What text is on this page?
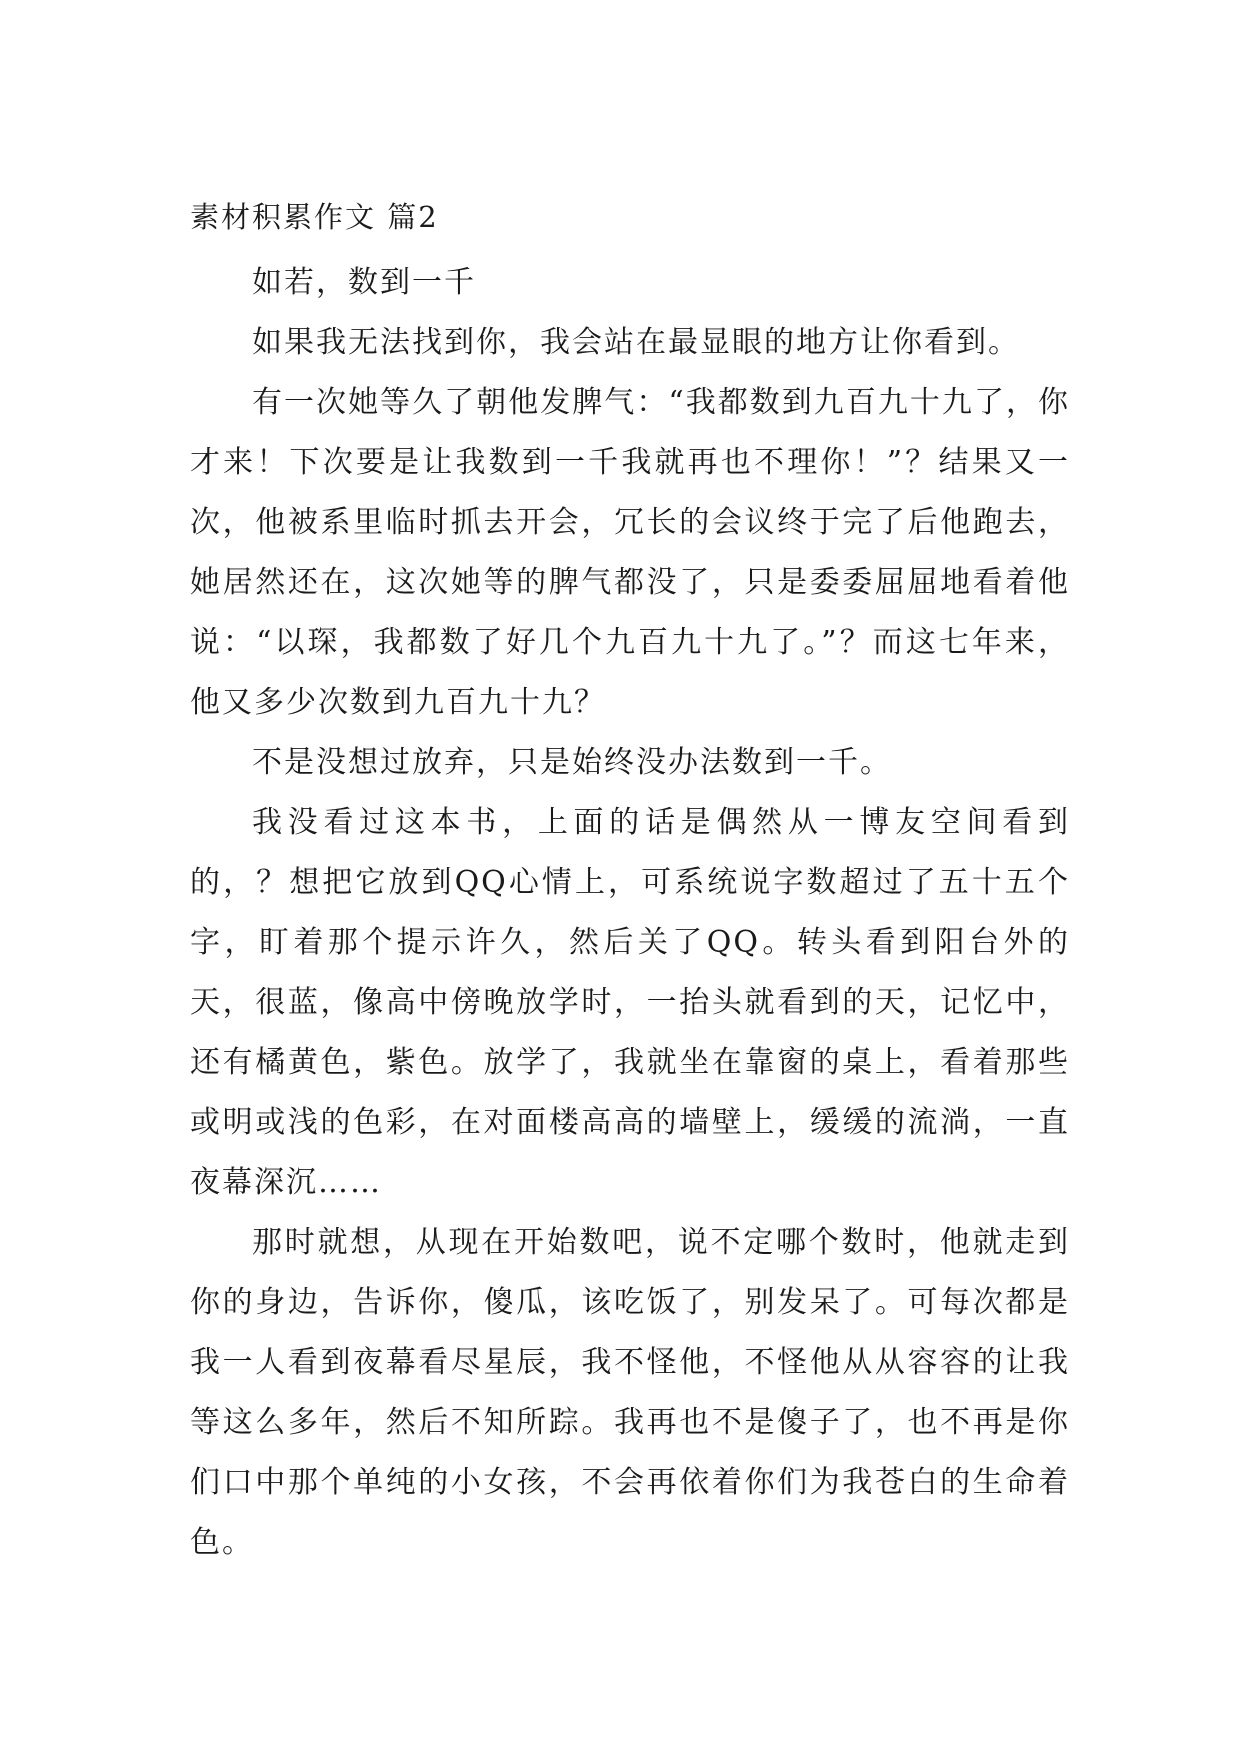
素材积累作文 篇2

如若，数到一千

如果我无法找到你，我会站在最显眼的地方让你看到。

有一次她等久了朝他发脾气：“我都数到九百九十九了，你才来！下次要是让我数到一千我就再也不理你！”？结果又一次，他被系里临时抓去开会，冗长的会议终于完了后他跑去，她居然还在，这次她等的脾气都没了，只是委委屈屈地看着他说：“以琛，我都数了好几个九百九十九了。”？而这七年来，他又多少次数到九百九十九？

不是没想过放弃，只是始终没办法数到一千。

我没看过这本书，上面的话是偶然从一博友空间看到的，？想把它放到QQ心情上，可系统说字数超过了五十五个字，盯着那个提示许久，然后关了QQ。转头看到阳台外的天，很蓝，像高中傍晚放学时，一抬头就看到的天，记忆中，还有橘黄色，紫色。放学了，我就坐在靠窗的桌上，看着那些或明或浅的色彩，在对面楼高高的墙壁上，缓缓的流淌，一直夜幕深沉……

那时就想，从现在开始数吧，说不定哪个数时，他就走到你的身边，告诉你，傻瓜，该吃饭了，别发呆了。可每次都是我一人看到夜幕看尽星辰，我不怪他，不怪他从从容容的让我等这么多年，然后不知所踪。我再也不是傻子了，也不再是你们口中那个单纯的小女孩，不会再依着你们为我苍白的生命着色。
